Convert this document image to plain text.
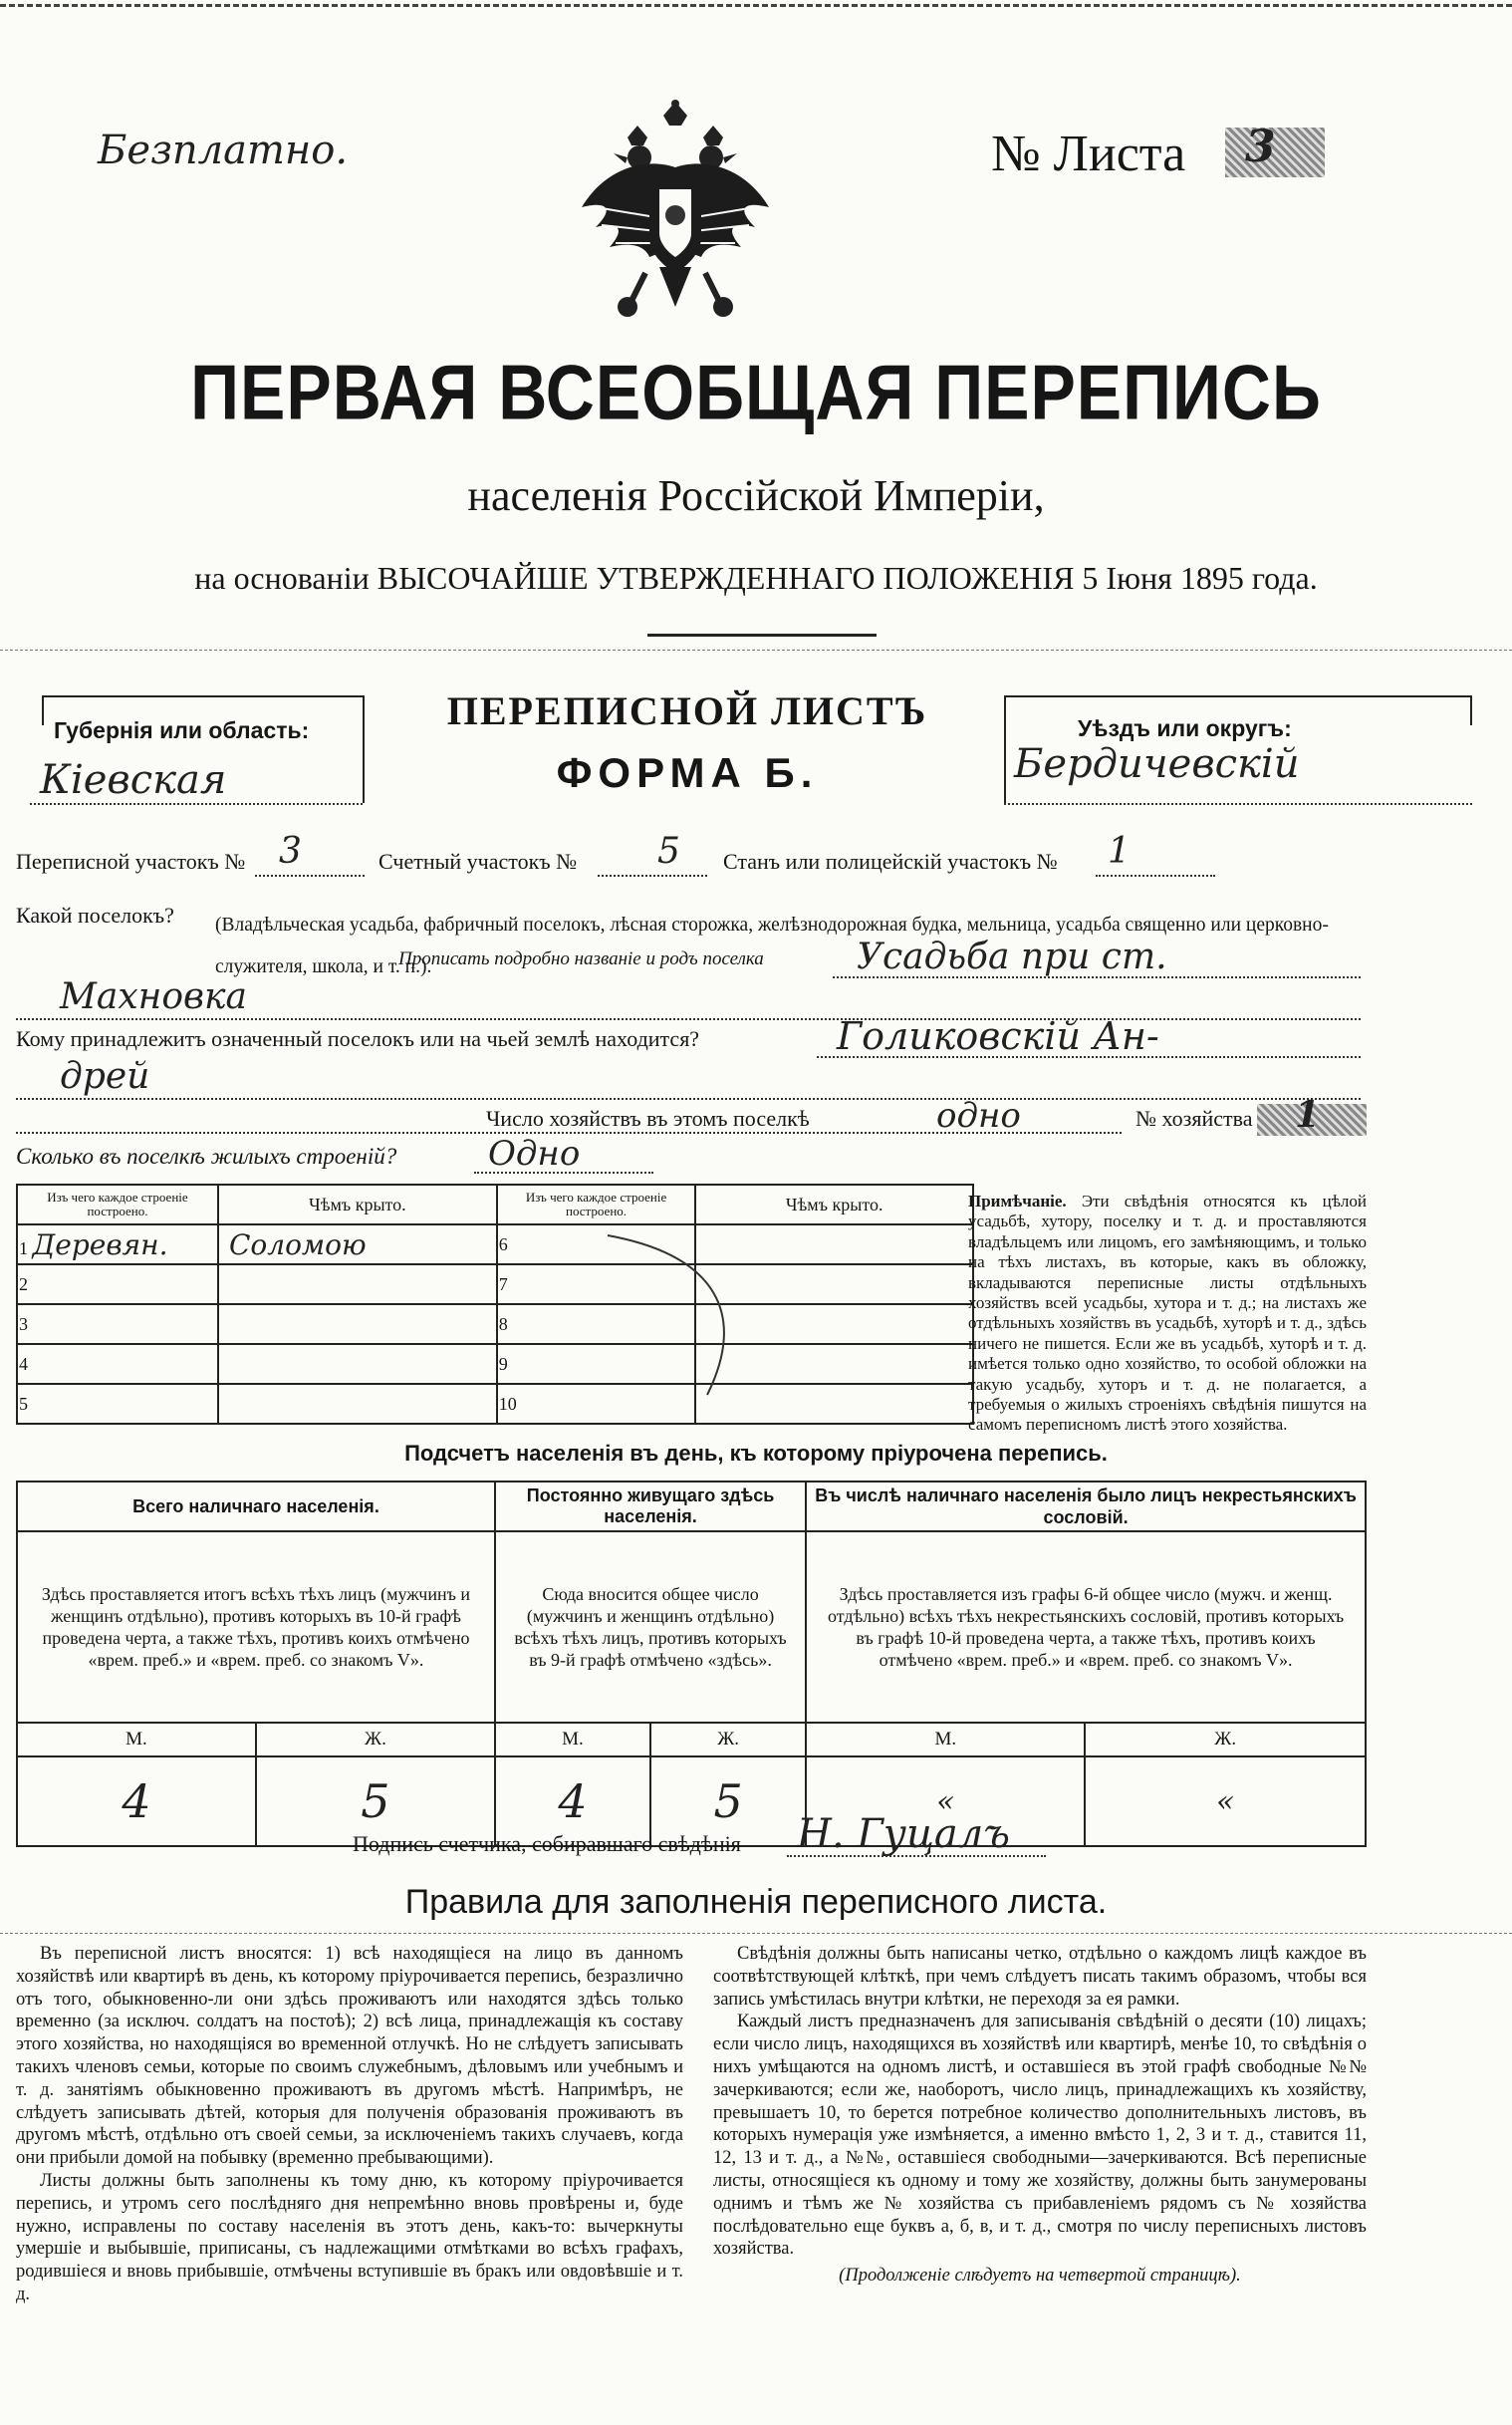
Безплатно.	№ Листа 3
ПЕРВАЯ ВСЕОБЩАЯ ПЕРЕПИСЬ
населенія Россійской Имперіи,
на основаніи ВЫСОЧАЙШЕ УТВЕРЖДЕННАГО ПОЛОЖЕНІЯ 5 Іюня 1895 года.
Губернія или область:
Кіевская
ПЕРЕПИСНОЙ ЛИСТЪ
ФОРМА Б.
Уѣздъ или округъ:
Бердичевскій
Переписной участокъ № 3	Счетный участокъ № 5 Станъ или полицейскій участокъ № 1
Какой поселокъ? (Владѣльческая усадьба, фабричный поселокъ, лѣсная сторожка, желѣзнодорожная будка, мельница, усадьба священно или церковно-служителя, школа, и т. п.).
Прописать подробно названіе и родъ поселка	Усадьба при ст.
Махновка
Кому принадлежитъ означенный поселокъ или на чьей землѣ находится?	Голиковскій Ан-
дрей
Число хозяйствъ въ этомъ поселкѣ	одно	№ хозяйства 1
Сколько въ поселкѣ жилыхъ строеній?	Одно
Изъ чего каждое строеніе построено.	Чѣмъ крыто.	Изъ чего каждое строеніе построено.	Чѣмъ крыто.
1 Деревян.	Соломою	6	
2		7	
3		8	
4		9	
5		10	
Примѣчаніе. Эти свѣдѣнія относятся къ цѣлой усадьбѣ, хутору, поселку и т. д. и проставляются владѣльцемъ или лицомъ, его замѣняющимъ, и только на тѣхъ листахъ, въ которые, какъ въ обложку, вкладываются переписные листы отдѣльныхъ хозяйствъ всей усадьбы, хутора и т. д.; на листахъ же отдѣльныхъ хозяйствъ въ усадьбѣ, хуторѣ и т. д., здѣсь ничего не пишется. Если же въ усадьбѣ, хуторѣ и т. д. имѣется только одно хозяйство, то особой обложки на такую усадьбу, хуторъ и т. д. не полагается, а требуемыя о жилыхъ строеніяхъ свѣдѣнія пишутся на самомъ переписномъ листѣ этого хозяйства.
Подсчетъ населенія въ день, къ которому пріурочена перепись.
Всего наличнаго населенія.		Постоянно живущаго здѣсь населенія.		Въ числѣ наличнаго населенія было лицъ некрестьянскихъ сословій.	
Здѣсь проставляется итогъ всѣхъ тѣхъ лицъ (мужчинъ и женщинъ отдѣльно), противъ которыхъ въ 10-й графѣ проведена черта, а также тѣхъ, противъ коихъ отмѣчено «врем. преб.» и «врем. преб. со знакомъ V».		Сюда вносится общее число (мужчинъ и женщинъ отдѣльно) всѣхъ тѣхъ лицъ, противъ которыхъ въ 9-й графѣ отмѣчено «здѣсь».		Здѣсь проставляется изъ графы 6-й общее число (мужч. и женщ. отдѣльно) всѣхъ тѣхъ некрестьянскихъ сословій, противъ которыхъ въ графѣ 10-й проведена черта, а также тѣхъ, противъ коихъ отмѣчено «врем. преб.» и «врем. преб. со знакомъ V».	
М.	Ж.	М.	Ж.	М.	Ж.
4	5	4	5	«	«
Подпись счетчика, собиравшаго свѣдѣнія Н. Гуцалъ
Правила для заполненія переписного листа.
Въ переписной листъ вносятся: 1) всѣ находящіеся на лицо въ данномъ хозяйствѣ или квартирѣ въ день, къ которому пріурочивается перепись, безразлично отъ того, обыкновенно-ли они здѣсь проживаютъ или находятся здѣсь только временно (за исключ. солдатъ на постоѣ); 2) всѣ лица, принадлежащія къ составу этого хозяйства, но находящіяся во временной отлучкѣ. Но не слѣдуетъ записывать такихъ членовъ семьи, которые по своимъ служебнымъ, дѣловымъ или учебнымъ и т. д. занятіямъ обыкновенно проживаютъ въ другомъ мѣстѣ. Напримѣръ, не слѣдуетъ записывать дѣтей, которыя для полученія образованія проживаютъ въ другомъ мѣстѣ, отдѣльно отъ своей семьи, за исключеніемъ такихъ случаевъ, когда они прибыли домой на побывку (временно пребывающими).
Листы должны быть заполнены къ тому дню, къ которому пріурочивается перепись, и утромъ сего послѣдняго дня непремѣнно вновь провѣрены и, буде нужно, исправлены по составу населенія въ этотъ день, какъ-то: вычеркнуты умершіе и выбывшіе, приписаны, съ надлежащими отмѣтками во всѣхъ графахъ, родившіеся и вновь прибывшіе, отмѣчены вступившіе въ бракъ или овдовѣвшіе и т. д.
Свѣдѣнія должны быть написаны четко, отдѣльно о каждомъ лицѣ каждое въ соотвѣтствующей клѣткѣ, при чемъ слѣдуетъ писать такимъ образомъ, чтобы вся запись умѣстилась внутри клѣтки, не переходя за ея рамки.
Каждый листъ предназначенъ для записыванія свѣдѣній о десяти (10) лицахъ; если число лицъ, находящихся въ хозяйствѣ или квартирѣ, менѣе 10, то свѣдѣнія о нихъ умѣщаются на одномъ листѣ, и оставшіеся въ этой графѣ свободные №№ зачеркиваются; если же, наоборотъ, число лицъ, принадлежащихъ къ хозяйству, превышаетъ 10, то берется потребное количество дополнительныхъ листовъ, въ которыхъ нумерація уже измѣняется, а именно вмѣсто 1, 2, 3 и т. д., ставится 11, 12, 13 и т. д., а №№, оставшіеся свободными—зачеркиваются. Всѣ переписные листы, относящіеся къ одному и тому же хозяйству, должны быть занумерованы однимъ и тѣмъ же № хозяйства съ прибавленіемъ рядомъ съ № хозяйства послѣдовательно еще буквъ а, б, в, и т. д., смотря по числу переписныхъ листовъ хозяйства.
(Продолженіе слѣдуетъ на четвертой страницѣ).
